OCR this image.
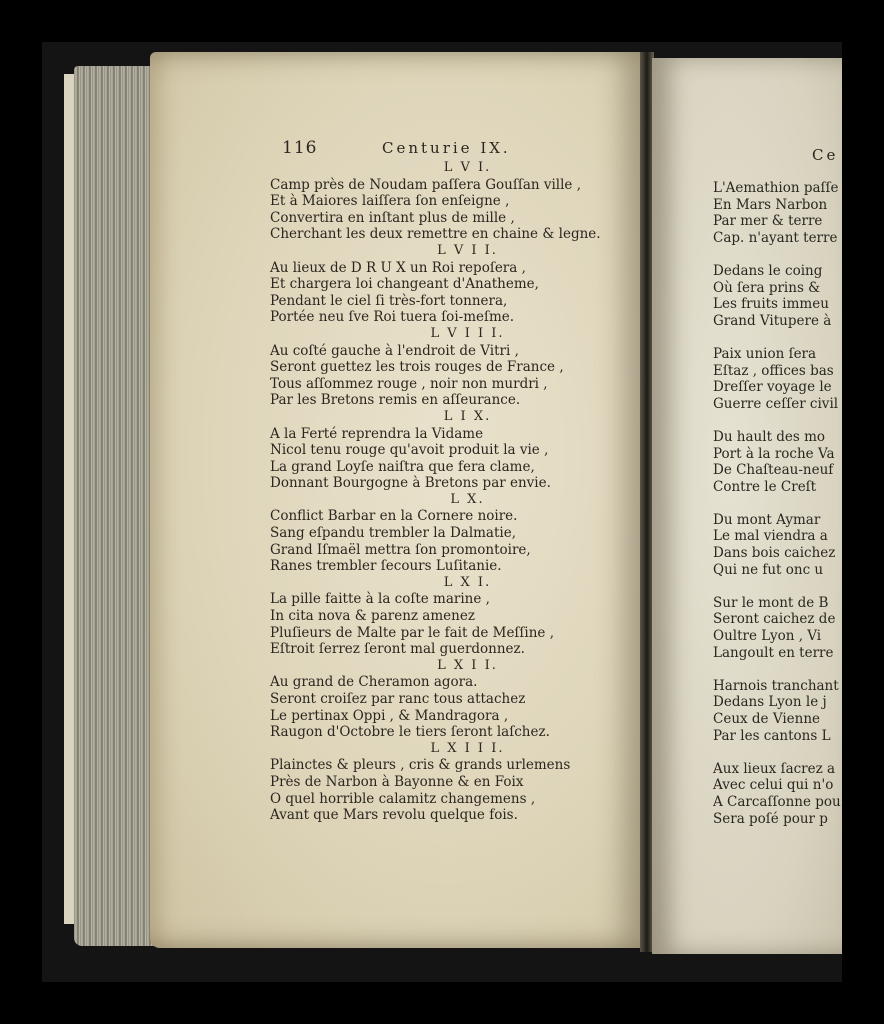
116	Centurie IX.
L V I.
Camp près de Noudam paſſera Gouſſan ville ,
Et à Maiores laiſſera ſon enſeigne ,
Convertira en inſtant plus de mille ,
Cherchant les deux remettre en chaine & legne.
L V I I.
Au lieux de D R U X un Roi repoſera ,
Et chargera loi changeant d'Anatheme,
Pendant le ciel ſi très-fort tonnera,
Portée neu ſve Roi tuera ſoi-meſme.
L V I I I.
Au coſté gauche à l'endroit de Vitri ,
Seront guettez les trois rouges de France ,
Tous aſſommez rouge , noir non murdri ,
Par les Bretons remis en aſſeurance.
L I X.
A la Ferté reprendra la Vidame
Nicol tenu rouge qu'avoit produit la vie ,
La grand Loyſe naiſtra que fera clame,
Donnant Bourgogne à Bretons par envie.
L X.
Conflict Barbar en la Cornere noire.
Sang eſpandu trembler la Dalmatie,
Grand Iſmaël mettra ſon promontoire,
Ranes trembler ſecours Luſitanie.
L X I.
La pille faitte à la coſte marine ,
In cita nova & parenz amenez
Pluſieurs de Malte par le fait de Meſſine ,
Eſtroit ſerrez ſeront mal guerdonnez.
L X I I.
Au grand de Cheramon agora.
Seront croiſez par ranc tous attachez
Le pertinax Oppi , & Mandragora ,
Raugon d'Octobre le tiers ſeront laſchez.
L X I I I.
Plainctes & pleurs , cris & grands urlemens
Près de Narbon à Bayonne & en Foix
O quel horrible calamitz changemens ,
Avant que Mars revolu quelque fois.
Ce
L'Aemathion paſſe
En Mars Narbon
Par mer & terre
Cap. n'ayant terre
Dedans le coing
Où ſera prins &
Les fruits immeu
Grand Vitupere à
Paix union ſera
Eſtaz , offices bas
Dreſſer voyage le
Guerre ceſſer civil
Du hault des mo
Port à la roche Va
De Chaſteau-neuf
Contre le Creſt
Du mont Aymar
Le mal viendra a
Dans bois caichez
Qui ne fut onc u
Sur le mont de B
Seront caichez de
Oultre Lyon , Vi
Langoult en terre
Harnois tranchant
Dedans Lyon le j
Ceux de Vienne
Par les cantons L
Aux lieux ſacrez a
Avec celui qui n'o
A Carcaſſonne pou
Sera poſé pour p
